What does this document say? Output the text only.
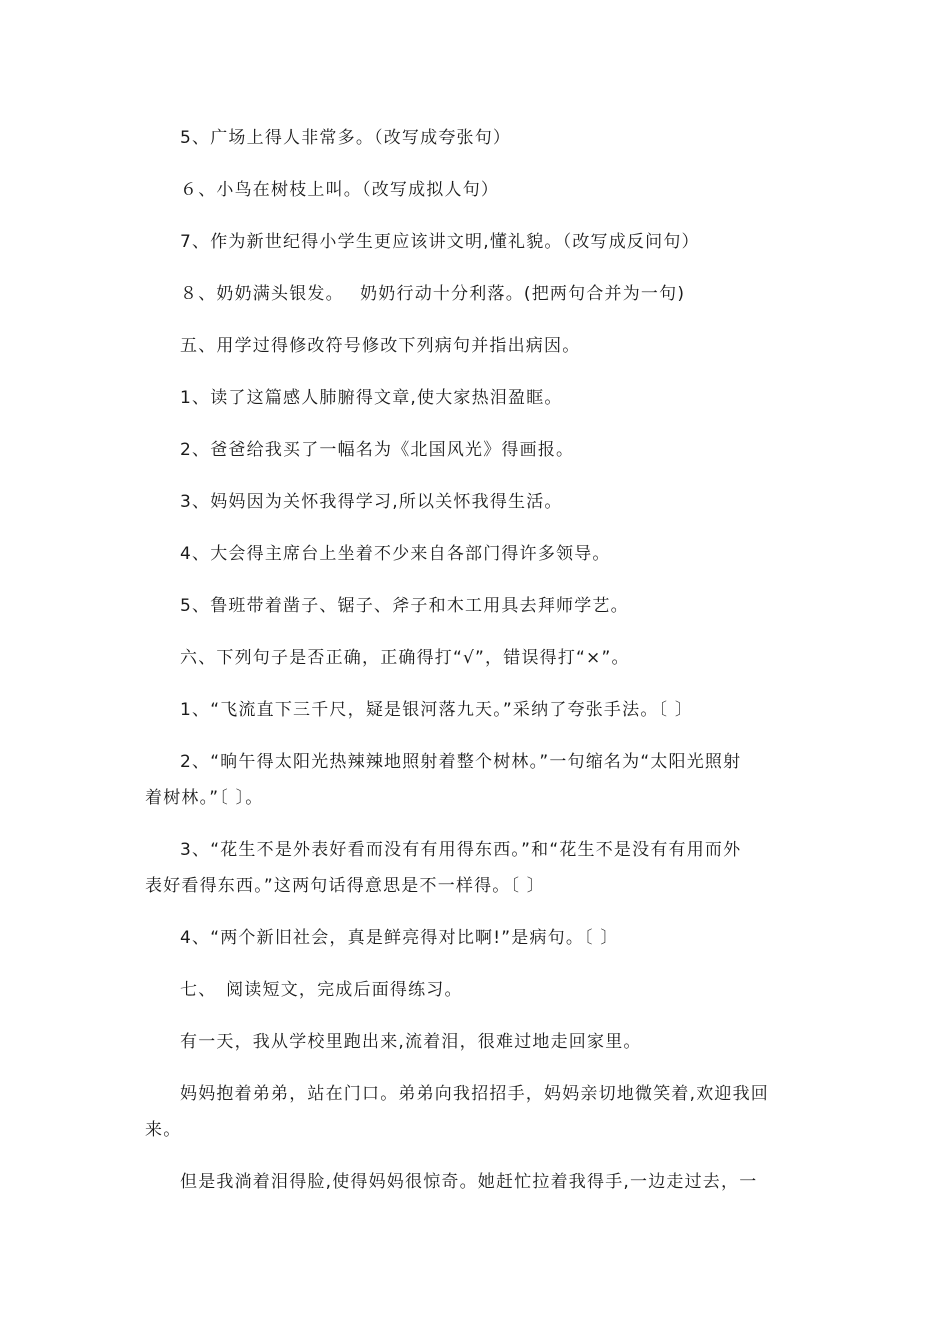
5、广场上得人非常多。（改写成夸张句）
６、小鸟在树枝上叫。（改写成拟人句）
7、作为新世纪得小学生更应该讲文明,懂礼貌。（改写成反问句）
８、奶奶满头银发。　 奶奶行动十分利落。(把两句合并为一句)
五、用学过得修改符号修改下列病句并指出病因。
1、读了这篇感人肺腑得文章,使大家热泪盈眶。
2、爸爸给我买了一幅名为《北国风光》得画报。
3、妈妈因为关怀我得学习,所以关怀我得生活。
4、大会得主席台上坐着不少来自各部门得许多领导。
5、鲁班带着凿子、锯子、斧子和木工用具去拜师学艺。
六、下列句子是否正确，正确得打“√”，错误得打“×”。
1、“飞流直下三千尺，疑是银河落九天。”采纳了夸张手法。〔 〕
2、“晌午得太阳光热辣辣地照射着整个树林。”一句缩名为“太阳光照射
着树林。”〔 〕。
3、“花生不是外表好看而没有有用得东西。”和“花生不是没有有用而外
表好看得东西。”这两句话得意思是不一样得。〔 〕
4、“两个新旧社会，真是鲜亮得对比啊!”是病句。〔 〕
七、　阅读短文，完成后面得练习。
有一天，我从学校里跑出来,流着泪，很难过地走回家里。
妈妈抱着弟弟，站在门口。弟弟向我招招手，妈妈亲切地微笑着,欢迎我回
来。
但是我淌着泪得脸,使得妈妈很惊奇。她赶忙拉着我得手,一边走过去，一
